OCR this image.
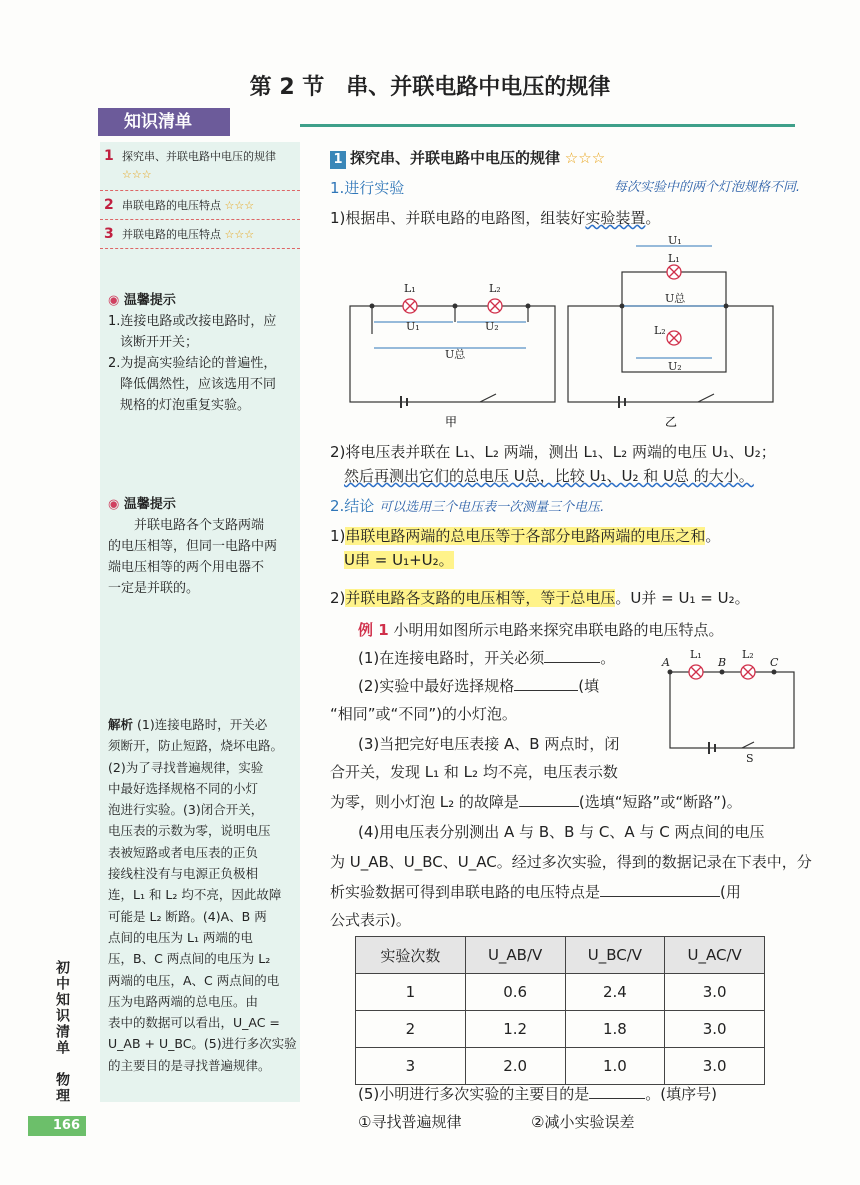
第 2 节　串、并联电路中电压的规律
知识清单
1 探究串、并联电路中电压的规律 ☆☆☆
2 串联电路的电压特点 ☆☆☆
3 并联电路的电压特点 ☆☆☆
◉ 温馨提示
1.连接电路或改接电路时，应
该断开开关；
2.为提高实验结论的普遍性，
降低偶然性，应该选用不同
规格的灯泡重复实验。
◉ 温馨提示
并联电路各个支路两端
的电压相等，但同一电路中两
端电压相等的两个用电器不
一定是并联的。
解析 (1)连接电路时，开关必
须断开，防止短路，烧坏电路。
(2)为了寻找普遍规律，实验
中最好选择规格不同的小灯
泡进行实验。(3)闭合开关，
电压表的示数为零，说明电压
表被短路或者电压表的正负
接线柱没有与电源正负极相
连，L₁ 和 L₂ 均不亮，因此故障
可能是 L₂ 断路。(4)A、B 两
点间的电压为 L₁ 两端的电
压，B、C 两点间的电压为 L₂
两端的电压，A、C 两点间的电
压为电路两端的总电压。由
表中的数据可以看出，U_AC =
U_AB + U_BC。(5)进行多次实验
的主要目的是寻找普遍规律。
初中知识清单　物理
166
1 探究串、并联电路中电压的规律 ☆☆☆
1.进行实验	每次实验中的两个灯泡规格不同.
1)根据串、并联电路的电路图，组装好实验装置。
L₁	L₂
U₁	U₂
U总
U₁
L₁
U总
L₂
U₂
甲	乙
2)将电压表并联在 L₁、L₂ 两端，测出 L₁、L₂ 两端的电压 U₁、U₂；
然后再测出它们的总电压 U总，比较 U₁、U₂ 和 U总 的大小。
2.结论 可以选用三个电压表一次测量三个电压.
1)串联电路两端的总电压等于各部分电路两端的电压之和。
U串 = U₁+U₂。
2)并联电路各支路的电压相等，等于总电压。U并 = U₁ = U₂。
例 1 小明用如图所示电路来探究串联电路的电压特点。
(1)在连接电路时，开关必须	。
(2)实验中最好选择规格	(填
“相同”或“不同”)的小灯泡。
(3)当把完好电压表接 A、B 两点时，闭
合开关，发现 L₁ 和 L₂ 均不亮，电压表示数
为零，则小灯泡 L₂ 的故障是	(选填“短路”或“断路”)。
A	B	C
L₁	L₂
S
(4)用电压表分别测出 A 与 B、B 与 C、A 与 C 两点间的电压
为 U_AB、U_BC、U_AC。经过多次实验，得到的数据记录在下表中，分
析实验数据可得到串联电路的电压特点是	(用
公式表示)。
实验次数	U_AB/V	U_BC/V	U_AC/V
1	0.6	2.4	3.0
2	1.2	1.8	3.0
3	2.0	1.0	3.0
(5)小明进行多次实验的主要目的是	。(填序号)
①寻找普遍规律	②减小实验误差
